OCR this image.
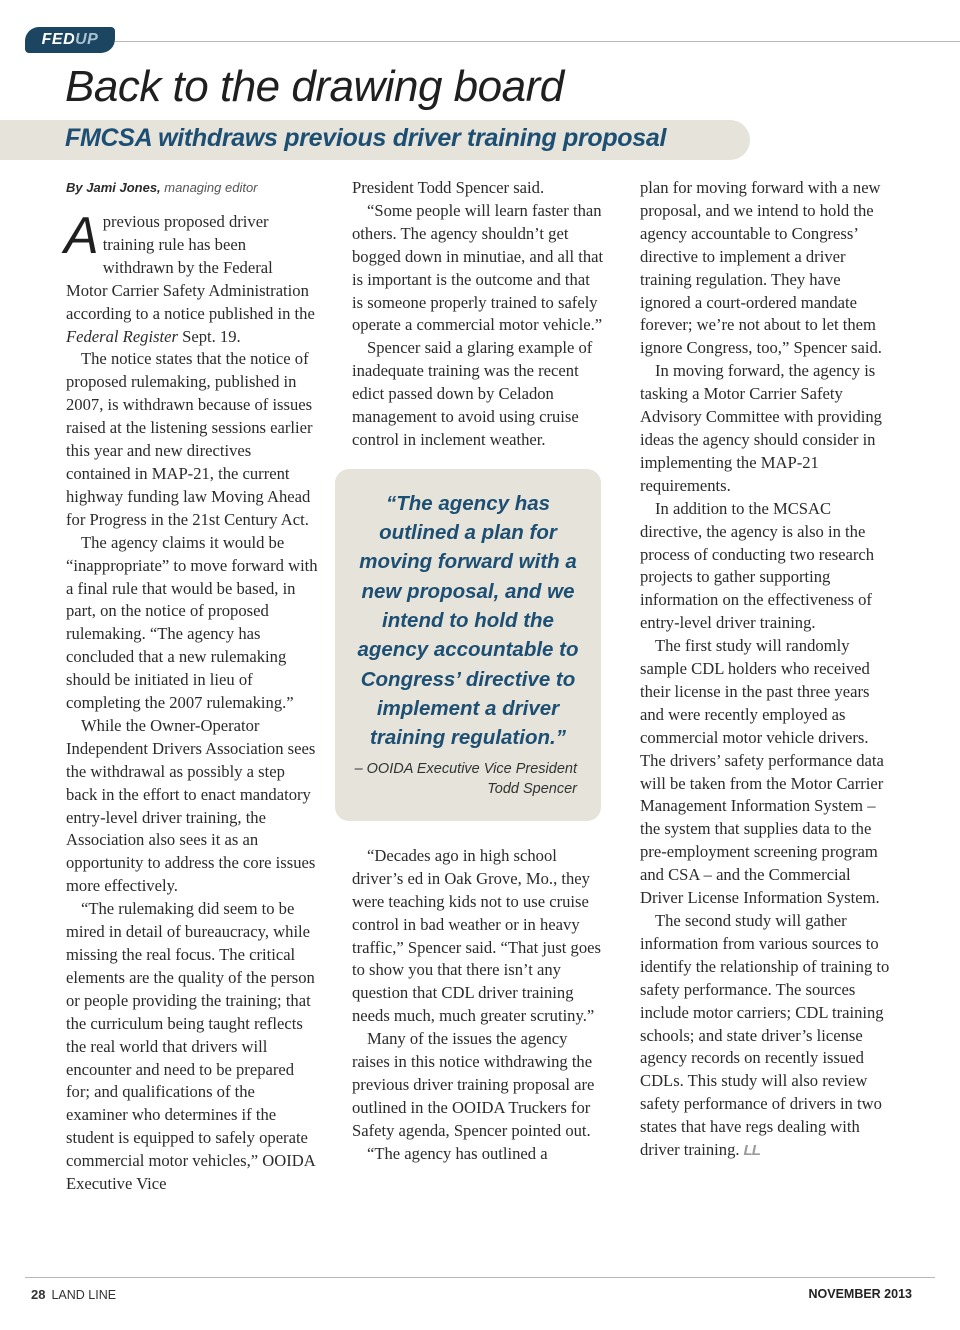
FEDUP
Back to the drawing board
FMCSA withdraws previous driver training proposal
By Jami Jones, managing editor

Aprevious proposed driver training rule has been withdrawn by the Federal Motor Carrier Safety Administration according to a notice published in the Federal Register Sept. 19.

The notice states that the notice of proposed rulemaking, published in 2007, is withdrawn because of issues raised at the listening sessions earlier this year and new directives contained in MAP-21, the current highway funding law Moving Ahead for Progress in the 21st Century Act.

The agency claims it would be “inappropriate” to move forward with a final rule that would be based, in part, on the notice of proposed rulemaking. “The agency has concluded that a new rulemaking should be initiated in lieu of completing the 2007 rulemaking.”

While the Owner-Operator Independent Drivers Association sees the withdrawal as possibly a step back in the effort to enact mandatory entry-level driver training, the Association also sees it as an opportunity to address the core issues more effectively.

“The rulemaking did seem to be mired in detail of bureaucracy, while missing the real focus. The critical elements are the quality of the person or people providing the training; that the curriculum being taught reflects the real world that drivers will encounter and need to be prepared for; and qualifications of the examiner who determines if the student is equipped to safely operate commercial motor vehicles,” OOIDA Executive Vice

President Todd Spencer said.

“Some people will learn faster than others. The agency shouldn’t get bogged down in minutiae, and all that is important is the outcome and that is someone properly trained to safely operate a commercial motor vehicle.”

Spencer said a glaring example of inadequate training was the recent edict passed down by Celadon management to avoid using cruise control in inclement weather.

“The agency has outlined a plan for moving forward with a new proposal, and we intend to hold the agency accountable to Congress’ directive to implement a driver training regulation.”
– OOIDA Executive Vice President
Todd Spencer

“Decades ago in high school driver’s ed in Oak Grove, Mo., they were teaching kids not to use cruise control in bad weather or in heavy traffic,” Spencer said. “That just goes to show you that there isn’t any question that CDL driver training needs much, much greater scrutiny.”

Many of the issues the agency raises in this notice withdrawing the previous driver training proposal are outlined in the OOIDA Truckers for Safety agenda, Spencer pointed out.

“The agency has outlined a

plan for moving forward with a new proposal, and we intend to hold the agency accountable to Congress’ directive to implement a driver training regulation. They have ignored a court-ordered mandate forever; we’re not about to let them ignore Congress, too,” Spencer said.

In moving forward, the agency is tasking a Motor Carrier Safety Advisory Committee with providing ideas the agency should consider in implementing the MAP-21 requirements.

In addition to the MCSAC directive, the agency is also in the process of conducting two research projects to gather supporting information on the effectiveness of entry-level driver training.

The first study will randomly sample CDL holders who received their license in the past three years and were recently employed as commercial motor vehicle drivers. The drivers’ safety performance data will be taken from the Motor Carrier Management Information System – the system that supplies data to the pre-employment screening program and CSA – and the Commercial Driver License Information System.

The second study will gather information from various sources to identify the relationship of training to safety performance. The sources include motor carriers; CDL training schools; and state driver’s license agency records on recently issued CDLs. This study will also review safety performance of drivers in two states that have regs dealing with driver training. LL

28 LAND LINE	NOVEMBER 2013
